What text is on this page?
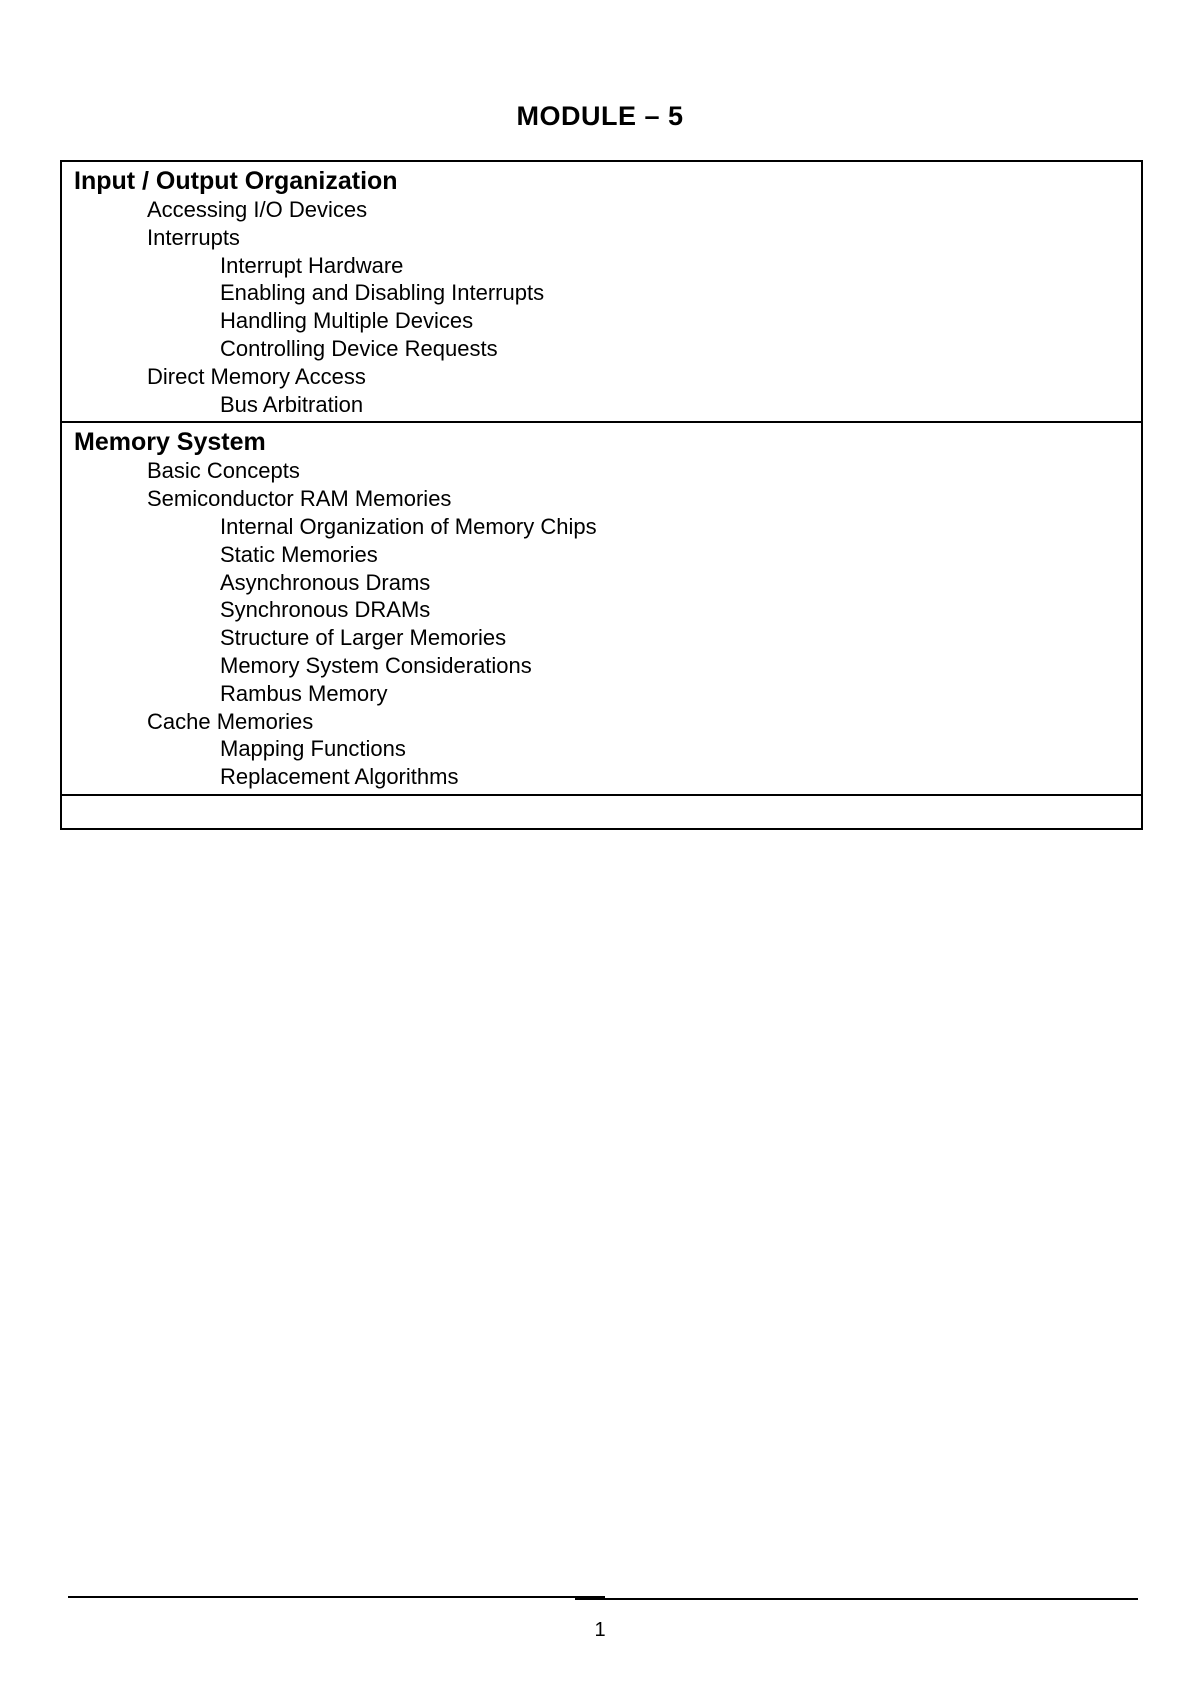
MODULE – 5
Input / Output Organization
Accessing I/O Devices
Interrupts
Interrupt Hardware
Enabling and Disabling Interrupts
Handling Multiple Devices
Controlling Device Requests
Direct Memory Access
Bus Arbitration
Memory System
Basic Concepts
Semiconductor RAM Memories
Internal Organization of Memory Chips
Static Memories
Asynchronous Drams
Synchronous DRAMs
Structure of Larger Memories
Memory System Considerations
Rambus Memory
Cache Memories
Mapping Functions
Replacement Algorithms
1
